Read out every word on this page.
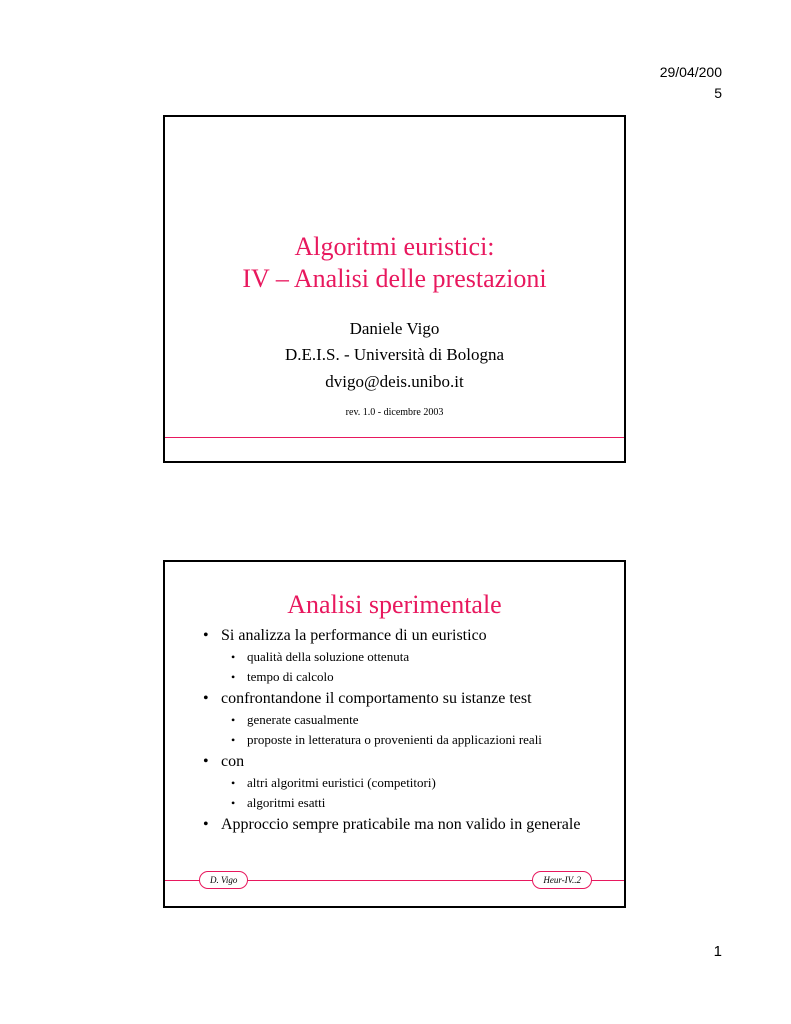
29/04/200
5
Algoritmi euristici:
IV – Analisi delle prestazioni
Daniele Vigo
D.E.I.S. - Università di Bologna
dvigo@deis.unibo.it
rev. 1.0 - dicembre 2003
Analisi sperimentale
• Si analizza la performance di un euristico
• qualità della soluzione ottenuta
• tempo di calcolo
• confrontandone il comportamento su istanze test
• generate casualmente
• proposte in letteratura o provenienti da applicazioni reali
• con
• altri algoritmi euristici (competitori)
• algoritmi esatti
• Approccio sempre praticabile ma non valido in generale
D. Vigo	Heur-IV..2
1
